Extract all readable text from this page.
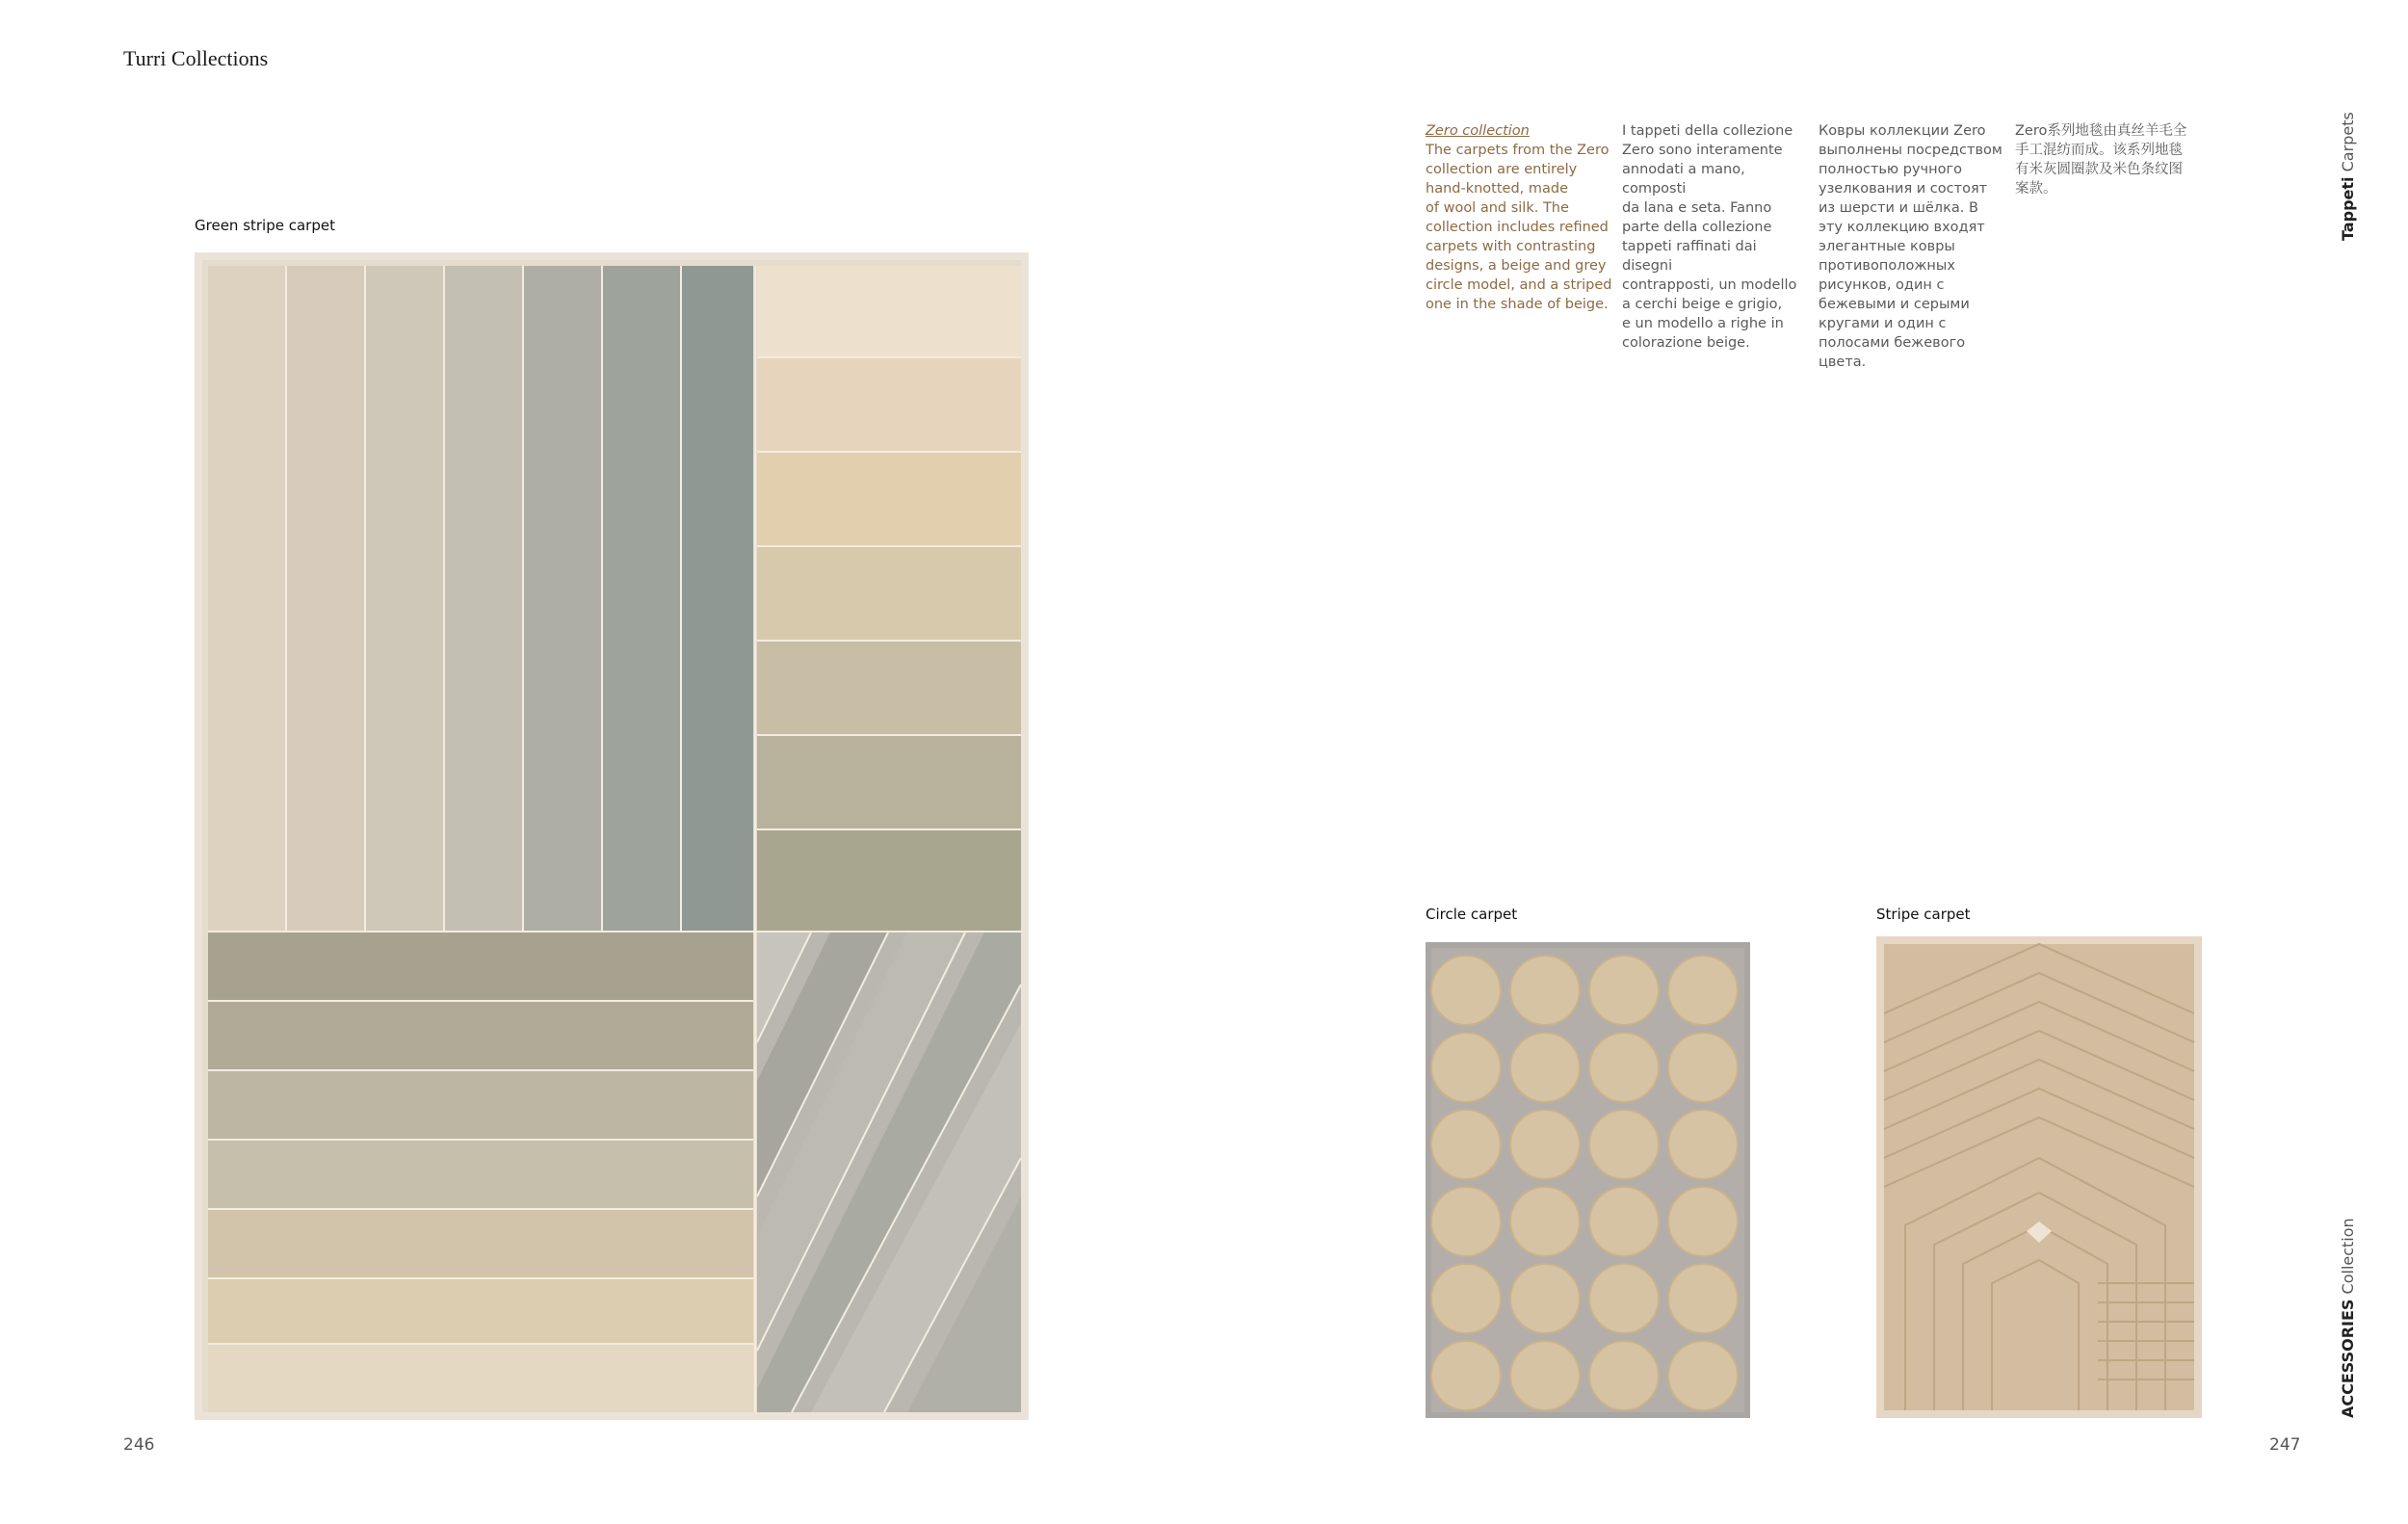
Turri Collections
Green stripe carpet
246
Zero collection
The carpets from the Zero
collection are entirely
hand-knotted, made
of wool and silk. The
collection includes refined
carpets with contrasting
designs, a beige and grey
circle model, and a striped
one in the shade of beige.
I tappeti della collezione
Zero sono interamente
annodati a mano, composti
da lana e seta. Fanno
parte della collezione
tappeti raffinati dai disegni
contrapposti, un modello
a cerchi beige e grigio,
e un modello a righe in
colorazione beige.
Ковры коллекции Zero
выполнены посредством
полностью ручного
узелкования и состоят
из шерсти и шёлка. В
эту коллекцию входят
элегантные ковры
противоположных
рисунков, один с
бежевыми и серыми
кругами и один с
полосами бежевого цвета.
Zero系列地毯由真丝羊毛全
手工混纺而成。该系列地毯
有米灰圆圈款及米色条纹图
案款。	Tappeti Carpets
ACCESSORIES Collection
Circle carpet	Stripe carpet
247
